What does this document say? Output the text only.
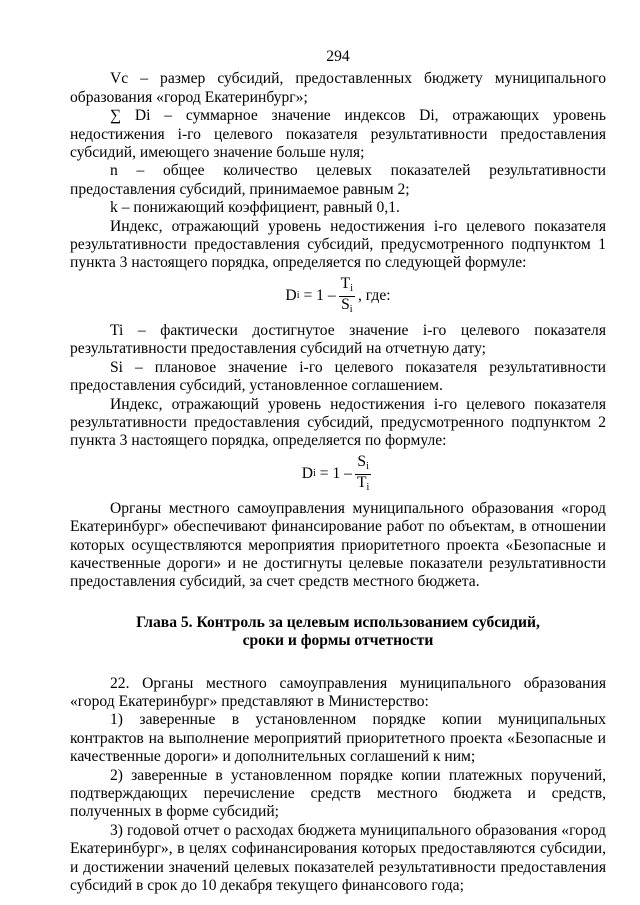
294

Vc – размер субсидий, предоставленных бюджету муниципального образования «город Екатеринбург»;

∑ Di – суммарное значение индексов Di, отражающих уровень недостижения i-го целевого показателя результативности предоставления субсидий, имеющего значение больше нуля;

n – общее количество целевых показателей результативности предоставления субсидий, принимаемое равным 2;

k – понижающий коэффициент, равный 0,1.

Индекс, отражающий уровень недостижения i-го целевого показателя результативности предоставления субсидий, предусмотренного подпунктом 1 пункта 3 настоящего порядка, определяется по следующей формуле:

D $i = 1 - \frac{T_i}{S_i}$ , где:

Ti – фактически достигнутое значение i-го целевого показателя результативности предоставления субсидий на отчетную дату;

Si – плановое значение i-го целевого показателя результативности предоставления субсидий, установленное соглашением.

Индекс, отражающий уровень недостижения i-го целевого показателя результативности предоставления субсидий, предусмотренного подпунктом 2 пункта 3 настоящего порядка, определяется по формуле:

D $i = 1 - \frac{S_i}{T_i}$

Органы местного самоуправления муниципального образования «город Екатеринбург» обеспечивают финансирование работ по объектам, в отношении которых осуществляются мероприятия приоритетного проекта «Безопасные и качественные дороги» и не достигнуты целевые показатели результативности предоставления субсидий, за счет средств местного бюджета.

Глава 5. Контроль за целевым использованием субсидий,
сроки и формы отчетности

22. Органы местного самоуправления муниципального образования «город Екатеринбург» представляют в Министерство:

1) заверенные в установленном порядке копии муниципальных контрактов на выполнение мероприятий приоритетного проекта «Безопасные и качественные дороги» и дополнительных соглашений к ним;

2) заверенные в установленном порядке копии платежных поручений, подтверждающих перечисление средств местного бюджета и средств, полученных в форме субсидий;

3) годовой отчет о расходах бюджета муниципального образования «город Екатеринбург», в целях софинансирования которых предоставляются субсидии, и достижении значений целевых показателей результативности предоставления субсидий в срок до 10 декабря текущего финансового года;
